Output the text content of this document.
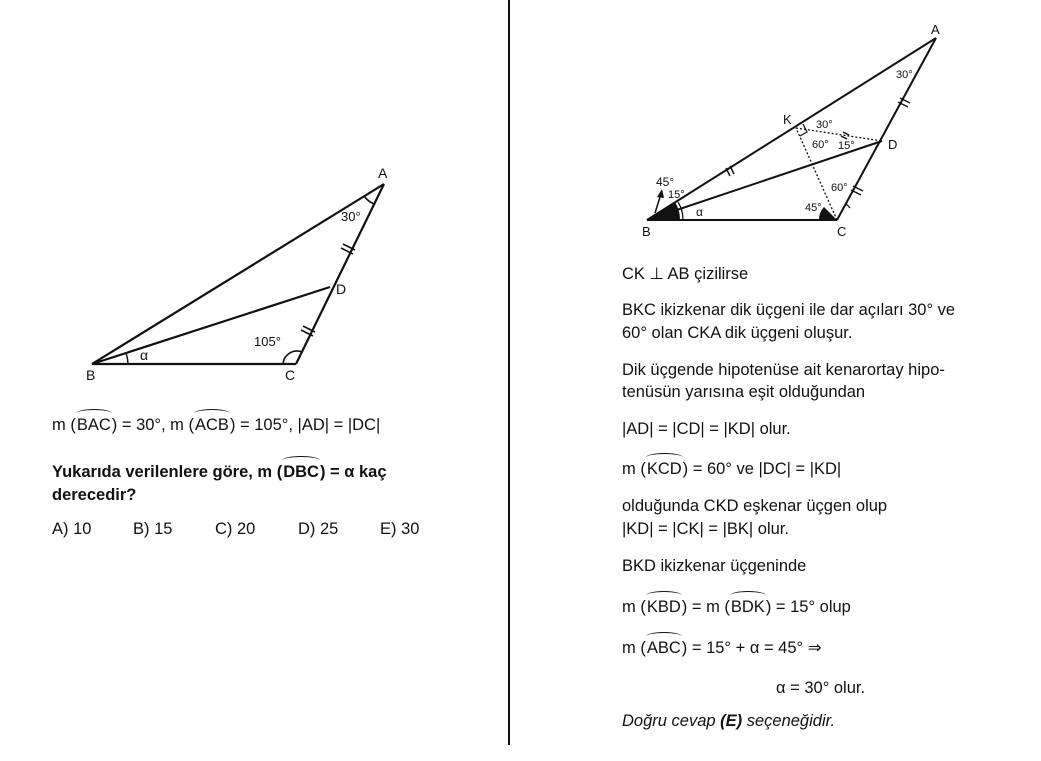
A
B	C
D
30°
105°
α
m (BAC) = 30°, m (ACB) = 105°, |AD| = |DC|
Yukarıda verilenlere göre, m (DBC) = α kaç
derecedir?
A) 10	B) 15	C) 20	D) 25	E) 30
A
B	C
D
K
30°
30°
60° 15°
60°
45°
45°
15°
α
CK ⊥ AB çizilirse
BKC ikizkenar dik üçgeni ile dar açıları 30° ve
60° olan CKA dik üçgeni oluşur.
Dik üçgende hipotenüse ait kenarortay hipo-
tenüsün yarısına eşit olduğundan
|AD| = |CD| = |KD| olur.
m (KCD) = 60° ve |DC| = |KD|
olduğunda CKD eşkenar üçgen olup
|KD| = |CK| = |BK| olur.
BKD ikizkenar üçgeninde
m (KBD) = m (BDK) = 15° olup
m (ABC) = 15° + α = 45° ⇒
α = 30° olur.
Doğru cevap (E) seçeneğidir.
